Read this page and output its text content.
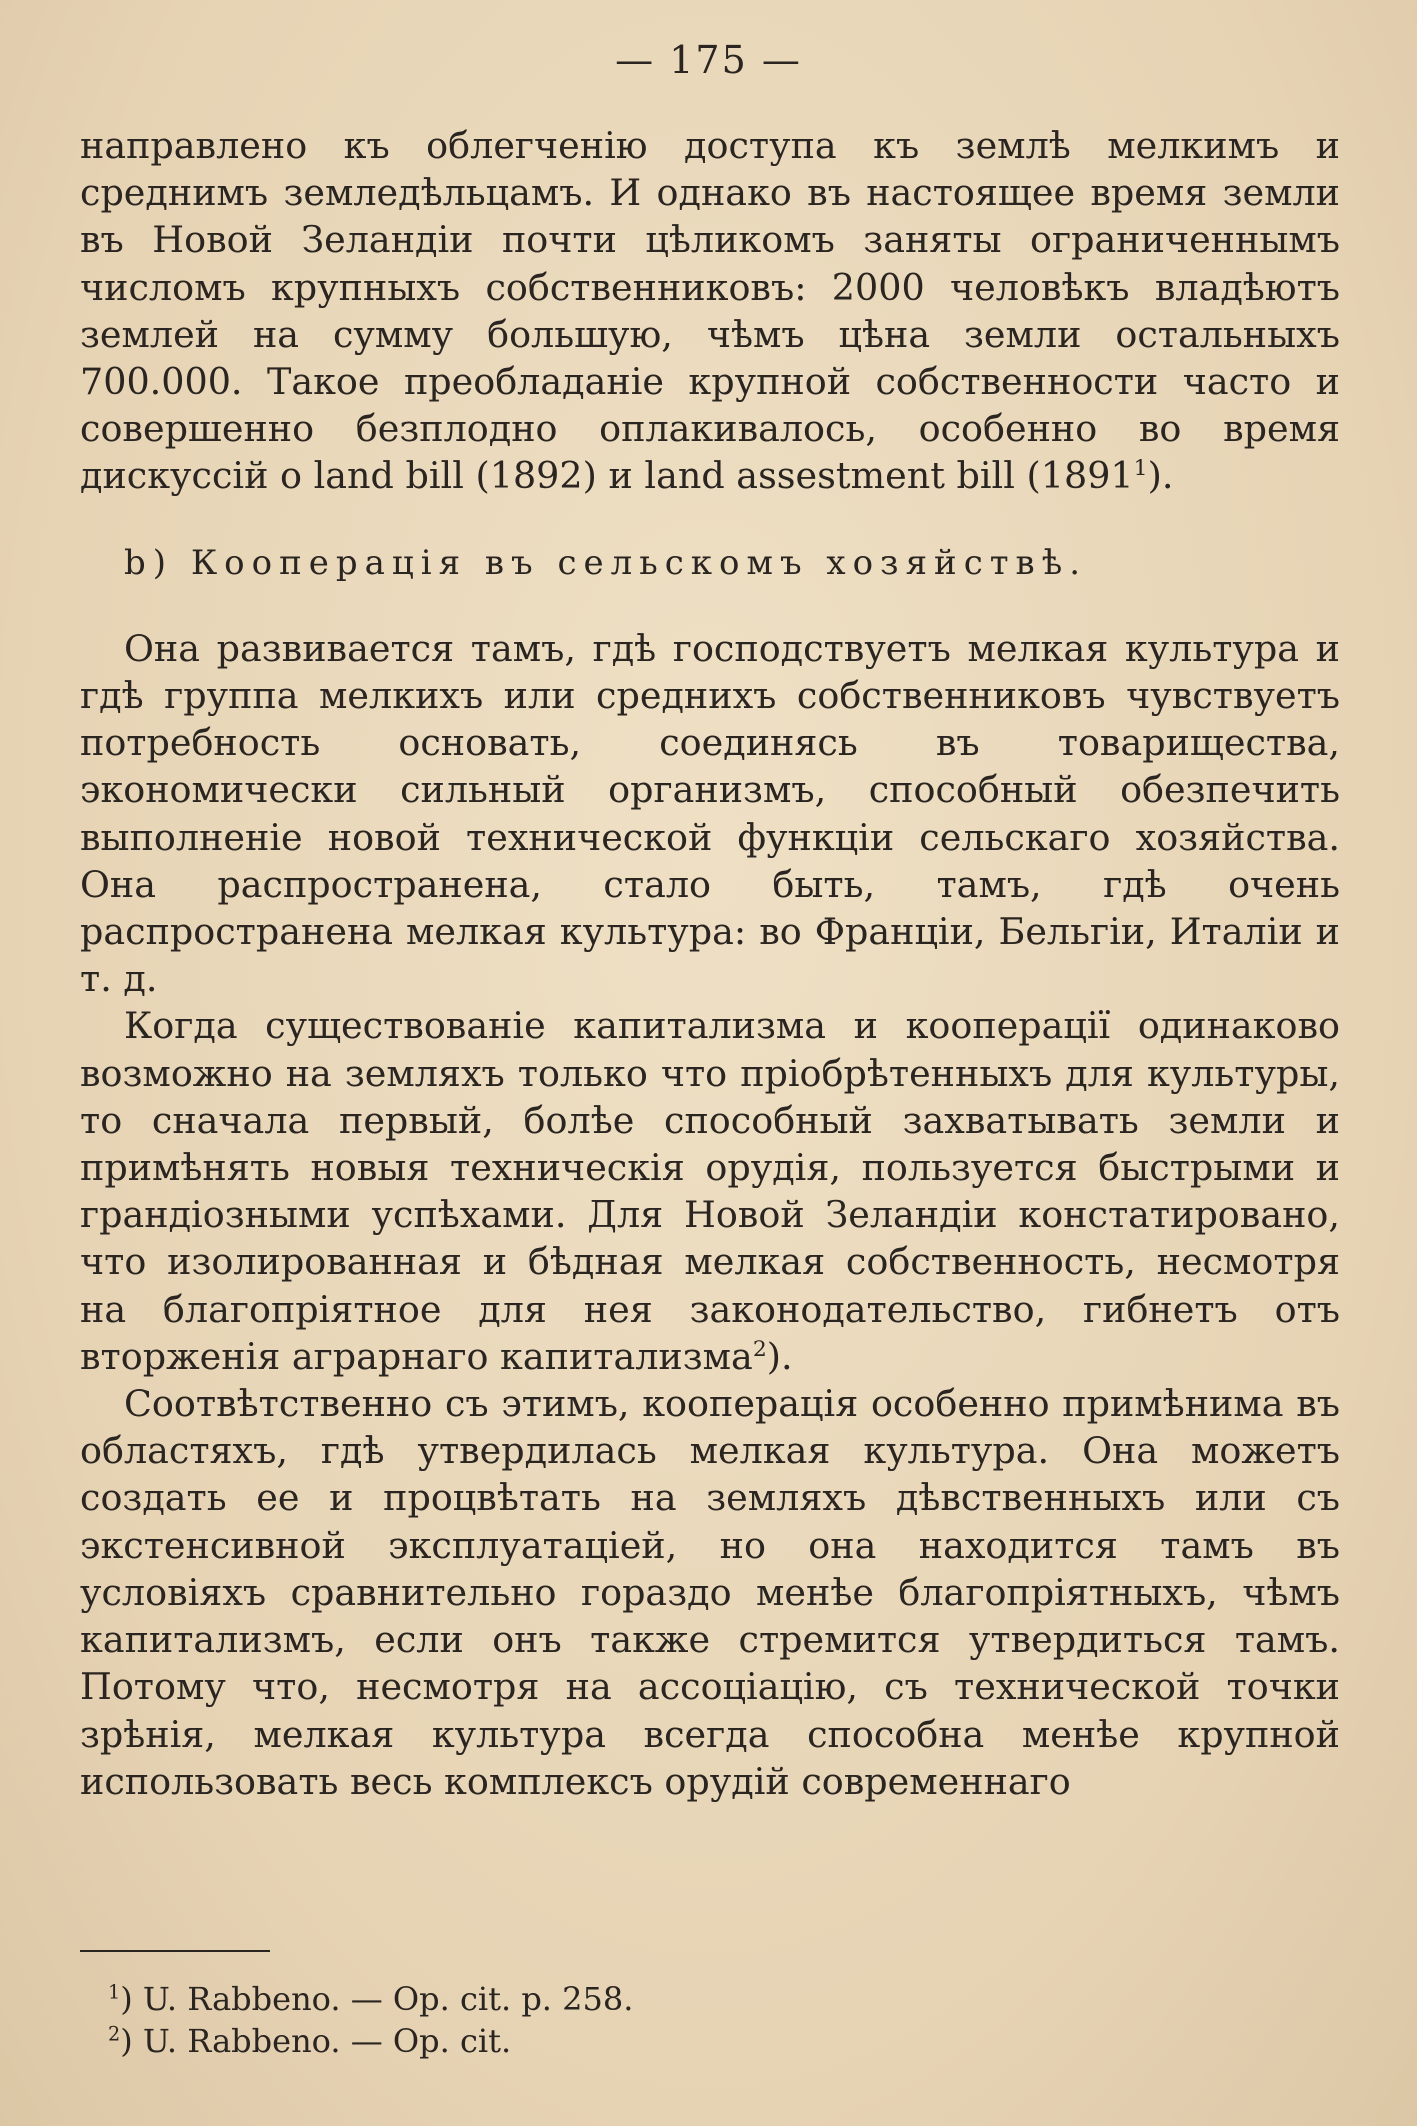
— 175 —

направлено къ облегченію доступа къ землѣ мелкимъ и среднимъ земледѣльцамъ. И однако въ настоящее время земли въ Новой Зеландіи почти цѣликомъ заняты ограниченнымъ числомъ крупныхъ собственниковъ: 2000 человѣкъ владѣютъ землей на сумму большую, чѣмъ цѣна земли остальныхъ 700.000. Такое преобладаніе крупной собственности часто и совершенно безплодно оплакивалось, особенно во время дискуссій о land bill (1892) и land assestment bill (1891$^1$).

b) Кооперація въ сельскомъ хозяйствѣ.

Она развивается тамъ, гдѣ господствуетъ мелкая культура и гдѣ группа мелкихъ или среднихъ собственниковъ чувствуетъ потребность основать, соединясь въ товарищества, экономически сильный организмъ, способный обезпечить выполненіе новой технической функціи сельскаго хозяйства. Она распространена, стало быть, тамъ, гдѣ очень распространена мелкая культура: во Франціи, Бельгіи, Италіи и т. д.

Когда существованіе капитализма и кооперації одинаково возможно на земляхъ только что пріобрѣтенныхъ для культуры, то сначала первый, болѣе способный захватывать земли и примѣнять новыя техническія орудія, пользуется быстрыми и грандіозными успѣхами. Для Новой Зеландіи констатировано, что изолированная и бѣдная мелкая собственность, несмотря на благопріятное для нея законодательство, гибнетъ отъ вторженія аграрнаго капитализма$^2$).

Соотвѣтственно съ этимъ, кооперація особенно примѣнима въ областяхъ, гдѣ утвердилась мелкая культура. Она можетъ создать ее и процвѣтать на земляхъ дѣвственныхъ или съ экстенсивной эксплуатаціей, но она находится тамъ въ условіяхъ сравнительно гораздо менѣе благопріятныхъ, чѣмъ капитализмъ, если онъ также стремится утвердиться тамъ. Потому что, несмотря на ассоціацію, съ технической точки зрѣнія, мелкая культура всегда способна менѣе крупной использовать весь комплексъ орудій современнаго

$^1$) U. Rabbeno. — Op. cit. p. 258.

$^2$) U. Rabbeno. — Op. cit.
